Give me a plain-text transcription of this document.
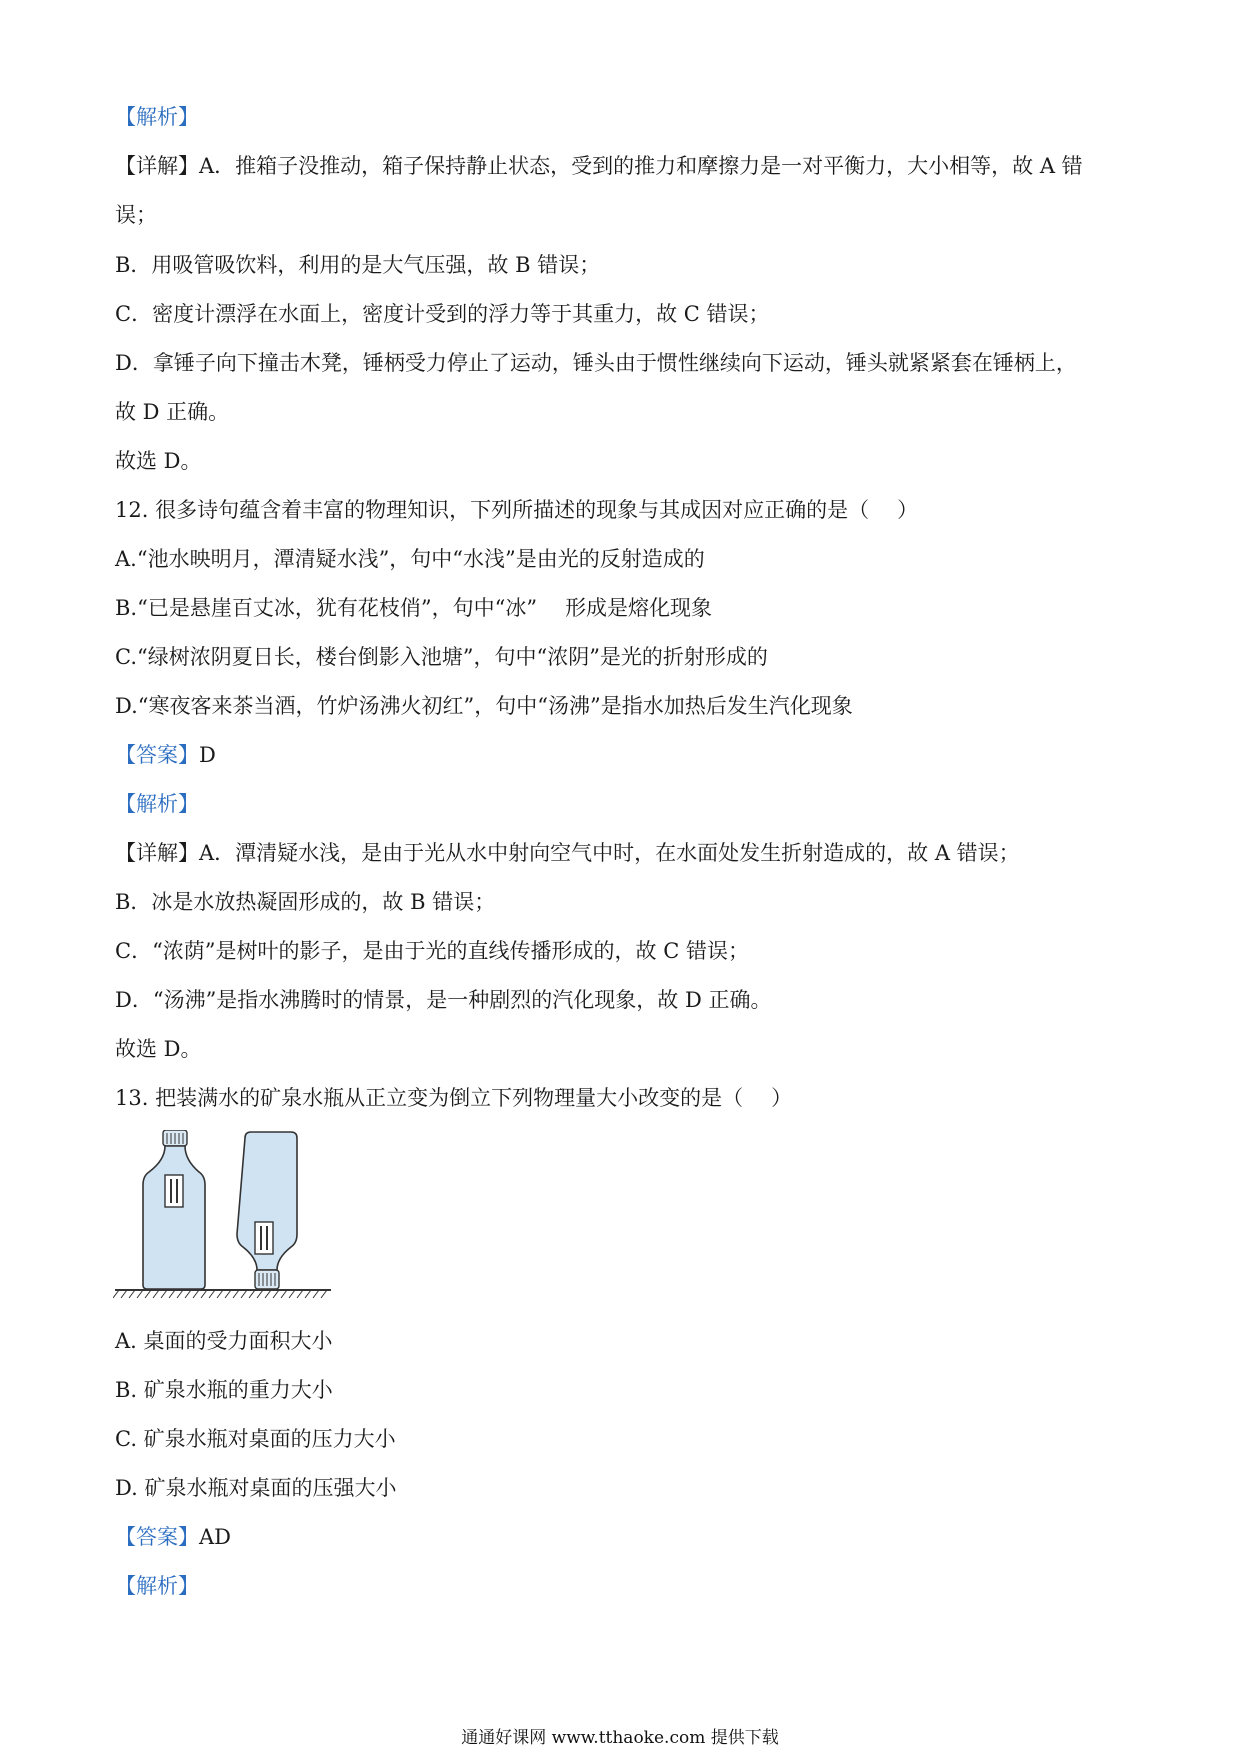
【解析】

【详解】A．推箱子没推动，箱子保持静止状态，受到的推力和摩擦力是一对平衡力，大小相等，故 A 错

误；

B．用吸管吸饮料，利用的是大气压强，故 B 错误；

C．密度计漂浮在水面上，密度计受到的浮力等于其重力，故 C 错误；

D．拿锤子向下撞击木凳，锤柄受力停止了运动，锤头由于惯性继续向下运动，锤头就紧紧套在锤柄上，

故 D 正确。

故选 D。

12. 很多诗句蕴含着丰富的物理知识，下列所描述的现象与其成因对应正确的是（ ）

A.“池水映明月，潭清疑水浅”，句中“水浅”是由光的反射造成的

B.“已是悬崖百丈冰，犹有花枝俏”，句中“冰” 形成是熔化现象

C.“绿树浓阴夏日长，楼台倒影入池塘”，句中“浓阴”是光的折射形成的

D.“寒夜客来茶当酒，竹炉汤沸火初红”，句中“汤沸”是指水加热后发生汽化现象

【答案】D

【解析】

【详解】A．潭清疑水浅，是由于光从水中射向空气中时，在水面处发生折射造成的，故 A 错误；

B．冰是水放热凝固形成的，故 B 错误；

C．“浓荫”是树叶的影子，是由于光的直线传播形成的，故 C 错误；

D．“汤沸”是指水沸腾时的情景，是一种剧烈的汽化现象，故 D 正确。

故选 D。

13. 把装满水的矿泉水瓶从正立变为倒立下列物理量大小改变的是（ ）

A. 桌面的受力面积大小

B. 矿泉水瓶的重力大小

C. 矿泉水瓶对桌面的压力大小

D. 矿泉水瓶对桌面的压强大小

【答案】AD

【解析】

通通好课网 www.tthaoke.com 提供下载
